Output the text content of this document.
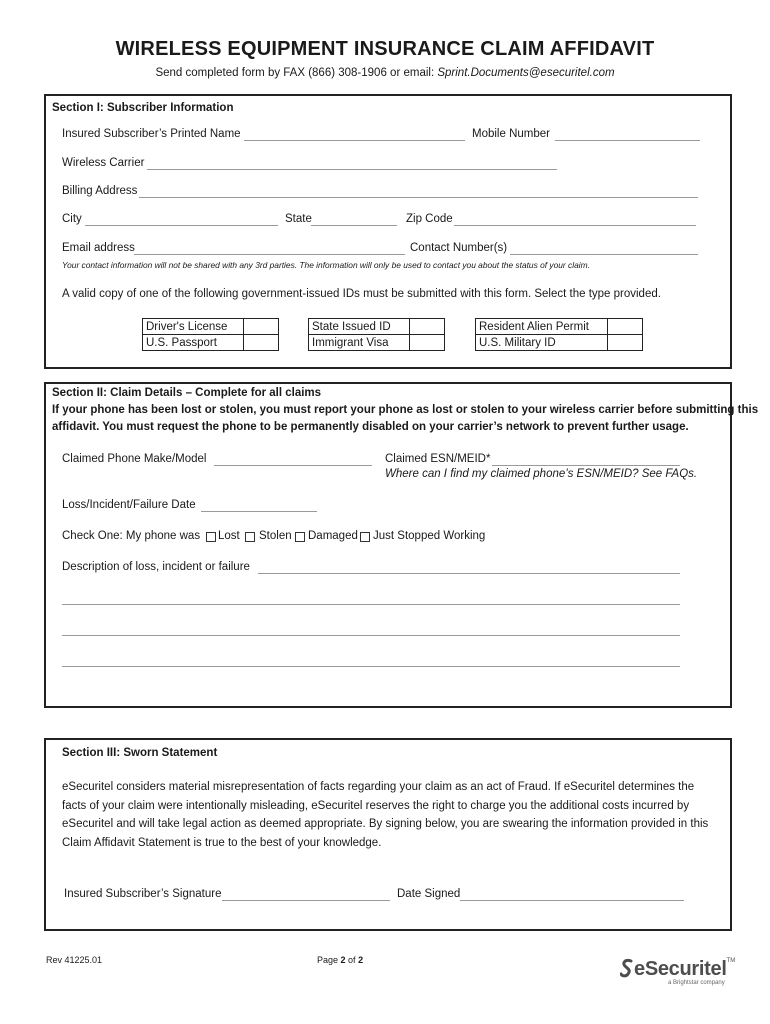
WIRELESS EQUIPMENT INSURANCE CLAIM AFFIDAVIT
Send completed form by FAX (866) 308-1906 or email: Sprint.Documents@esecuritel.com
Section I: Subscriber Information
Insured Subscriber’s Printed Name	Mobile Number
Wireless Carrier
Billing Address
City	State	Zip Code
Email address	Contact Number(s)
Your contact information will not be shared with any 3rd parties. The information will only be used to contact you about the status of your claim.
A valid copy of one of the following government-issued IDs must be submitted with this form. Select the type provided.
Driver's License	
U.S. Passport	
State Issued ID	
Immigrant Visa	
Resident Alien Permit	
U.S. Military ID	
Section II: Claim Details – Complete for all claims
If your phone has been lost or stolen, you must report your phone as lost or stolen to your wireless carrier before submitting this
affidavit. You must request the phone to be permanently disabled on your carrier’s network to prevent further usage.
Claimed Phone Make/Model	Claimed ESN/MEID*
Where can I find my claimed phone’s ESN/MEID? See FAQs.
Loss/Incident/Failure Date
Check One: My phone was Lost Stolen Damaged Just Stopped Working
Description of loss, incident or failure
Section III: Sworn Statement
eSecuritel considers material misrepresentation of facts regarding your claim as an act of Fraud. If eSecuritel determines the
facts of your claim were intentionally misleading, eSecuritel reserves the right to charge you the additional costs incurred by
eSecuritel and will take legal action as deemed appropriate. By signing below, you are swearing the information provided in this
Claim Affidavit Statement is true to the best of your knowledge.
Insured Subscriber’s Signature	Date Signed
Rev 41225.01	Page 2 of 2	eSecuritel™
a Brightstar company
